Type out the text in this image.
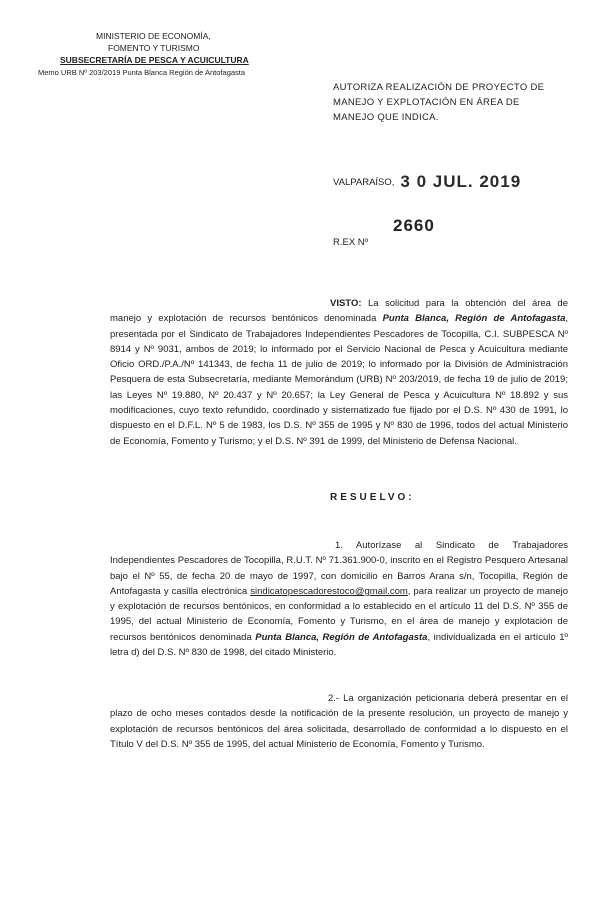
MINISTERIO DE ECONOMÍA,
FOMENTO Y TURISMO
SUBSECRETARÍA DE PESCA Y ACUICULTURA
Memo URB Nº 203/2019 Punta Blanca Región de Antofagasta
AUTORIZA REALIZACIÓN DE PROYECTO DE MANEJO Y EXPLOTACIÓN EN ÁREA DE MANEJO QUE INDICA.
VALPARAÍSO, 3 0 JUL. 2019
2660
R.EX Nº
VISTO: La solicitud para la obtención del área de manejo y explotación de recursos bentónicos denominada Punta Blanca, Región de Antofagasta, presentada por el Sindicato de Trabajadores Independientes Pescadores de Tocopilla, C.I. SUBPESCA Nº 8914 y Nº 9031, ambos de 2019; lo informado por el Servicio Nacional de Pesca y Acuicultura mediante Oficio ORD./P.A./Nº 141343, de fecha 11 de julio de 2019; lo informado por la División de Administración Pesquera de esta Subsecretaría, mediante Memorándum (URB) Nº 203/2019, de fecha 19 de julio de 2019; las Leyes Nº 19.880, Nº 20.437 y Nº 20.657; la Ley General de Pesca y Acuicultura Nº 18.892 y sus modificaciones, cuyo texto refundido, coordinado y sistematizado fue fijado por el D.S. Nº 430 de 1991, lo dispuesto en el D.F.L. Nº 5 de 1983, los D.S. Nº 355 de 1995 y Nº 830 de 1996, todos del actual Ministerio de Economía, Fomento y Turismo; y el D.S. Nº 391 de 1999, del Ministerio de Defensa Nacional.
RESUELVO:
1. Autorízase al Sindicato de Trabajadores Independientes Pescadores de Tocopilla, R.U.T. Nº 71.361.900-0, inscrito en el Registro Pesquero Artesanal bajo el Nº 55, de fecha 20 de mayo de 1997, con domicilio en Barros Arana s/n, Tocopilla, Región de Antofagasta y casilla electrónica sindicatopescadorestoco@gmail.com, para realizar un proyecto de manejo y explotación de recursos bentónicos, en conformidad a lo establecido en el artículo 11 del D.S. Nº 355 de 1995, del actual Ministerio de Economía, Fomento y Turismo, en el área de manejo y explotación de recursos bentónicos denominada Punta Blanca, Región de Antofagasta, individualizada en el artículo 1º letra d) del D.S. Nº 830 de 1998, del citado Ministerio.
2.- La organización peticionaria deberá presentar en el plazo de ocho meses contados desde la notificación de la presente resolución, un proyecto de manejo y explotación de recursos bentónicos del área solicitada, desarrollado de conformidad a lo dispuesto en el Título V del D.S. Nº 355 de 1995, del actual Ministerio de Economía, Fomento y Turismo.
